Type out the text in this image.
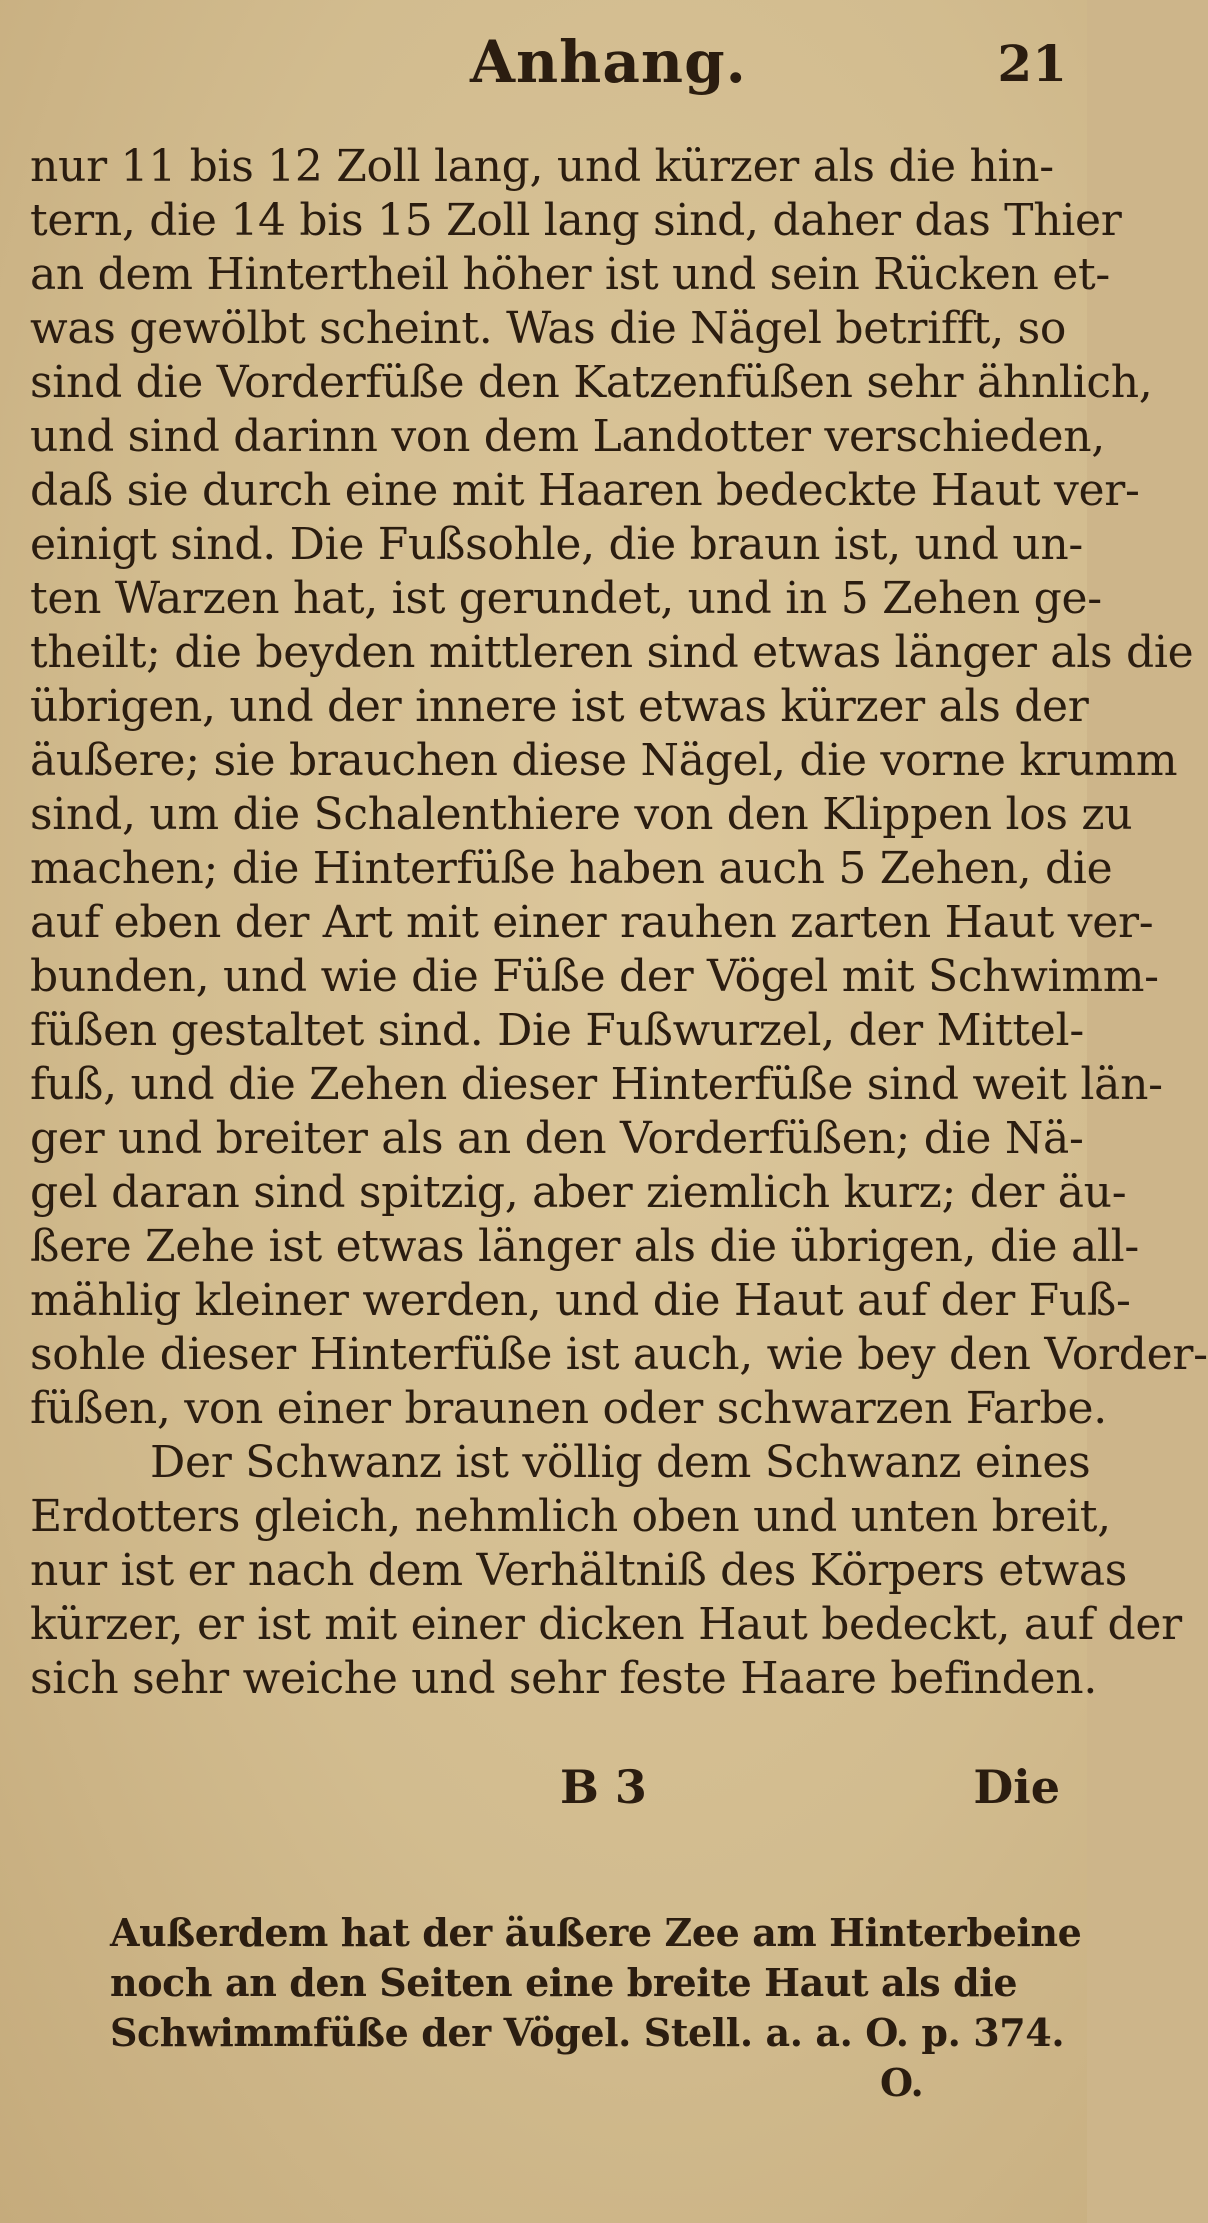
Anhang.	21
nur 11 bis 12 Zoll lang, und kürzer als die hin-
tern, die 14 bis 15 Zoll lang sind, daher das Thier
an dem Hintertheil höher ist und sein Rücken et-
was gewölbt scheint. Was die Nägel betrifft, so
sind die Vorderfüße den Katzenfüßen sehr ähnlich,
und sind darinn von dem Landotter verschieden,
daß sie durch eine mit Haaren bedeckte Haut ver-
einigt sind. Die Fußsohle, die braun ist, und un-
ten Warzen hat, ist gerundet, und in 5 Zehen ge-
theilt; die beyden mittleren sind etwas länger als die
übrigen, und der innere ist etwas kürzer als der
äußere; sie brauchen diese Nägel, die vorne krumm
sind, um die Schalenthiere von den Klippen los zu
machen; die Hinterfüße haben auch 5 Zehen, die
auf eben der Art mit einer rauhen zarten Haut ver-
bunden, und wie die Füße der Vögel mit Schwimm-
füßen gestaltet sind. Die Fußwurzel, der Mittel-
fuß, und die Zehen dieser Hinterfüße sind weit län-
ger und breiter als an den Vorderfüßen; die Nä-
gel daran sind spitzig, aber ziemlich kurz; der äu-
ßere Zehe ist etwas länger als die übrigen, die all-
mählig kleiner werden, und die Haut auf der Fuß-
sohle dieser Hinterfüße ist auch, wie bey den Vorder-
füßen, von einer braunen oder schwarzen Farbe.
Der Schwanz ist völlig dem Schwanz eines
Erdotters gleich, nehmlich oben und unten breit,
nur ist er nach dem Verhältniß des Körpers etwas
kürzer, er ist mit einer dicken Haut bedeckt, auf der
sich sehr weiche und sehr feste Haare befinden.
B 3	Die
Außerdem hat der äußere Zee am Hinterbeine
noch an den Seiten eine breite Haut als die
Schwimmfüße der Vögel. Stell. a. a. O. p. 374.
O.
